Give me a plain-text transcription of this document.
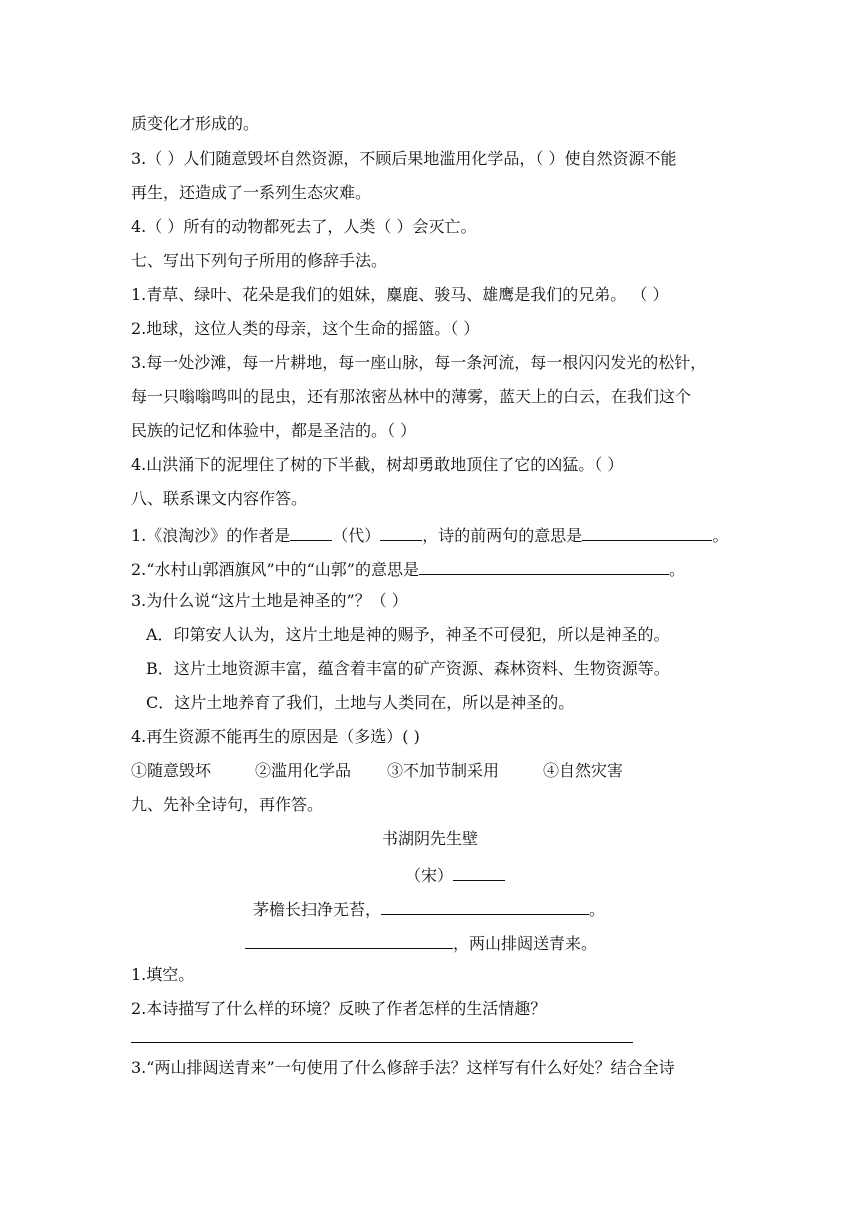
质变化才形成的。
3.（ ）人们随意毁坏自然资源，不顾后果地滥用化学品，（ ）使自然资源不能
再生，还造成了一系列生态灾难。
4.（ ）所有的动物都死去了，人类（ ）会灭亡。
七、写出下列句子所用的修辞手法。
1.青草、绿叶、花朵是我们的姐妹，麋鹿、骏马、雄鹰是我们的兄弟。 （ ）
2.地球，这位人类的母亲，这个生命的摇篮。（ ）
3.每一处沙滩，每一片耕地，每一座山脉，每一条河流，每一根闪闪发光的松针，
每一只嗡嗡鸣叫的昆虫，还有那浓密丛林中的薄雾，蓝天上的白云，在我们这个
民族的记忆和体验中，都是圣洁的。（ ）
4.山洪涌下的泥埋住了树的下半截，树却勇敢地顶住了它的凶猛。（ ）
八、联系课文内容作答。
1.《浪淘沙》的作者是	（代）	，诗的前两句的意思是	。
2.“水村山郭酒旗风”中的“山郭”的意思是	。
3.为什么说“这片土地是神圣的”？（ ）
A．印第安人认为，这片土地是神的赐予，神圣不可侵犯，所以是神圣的。
B．这片土地资源丰富，蕴含着丰富的矿产资源、森林资料、生物资源等。
C．这片土地养育了我们，土地与人类同在，所以是神圣的。
4.再生资源不能再生的原因是（多选）( )
①随意毁坏	②滥用化学品 ③不加节制采用	④自然灾害
九、先补全诗句，再作答。
书湖阴先生壁
（宋）
茅檐长扫净无苔，	。
，两山排闼送青来。
1.填空。
2.本诗描写了什么样的环境？反映了作者怎样的生活情趣？
3.“两山排闼送青来”一句使用了什么修辞手法？这样写有什么好处？结合全诗
